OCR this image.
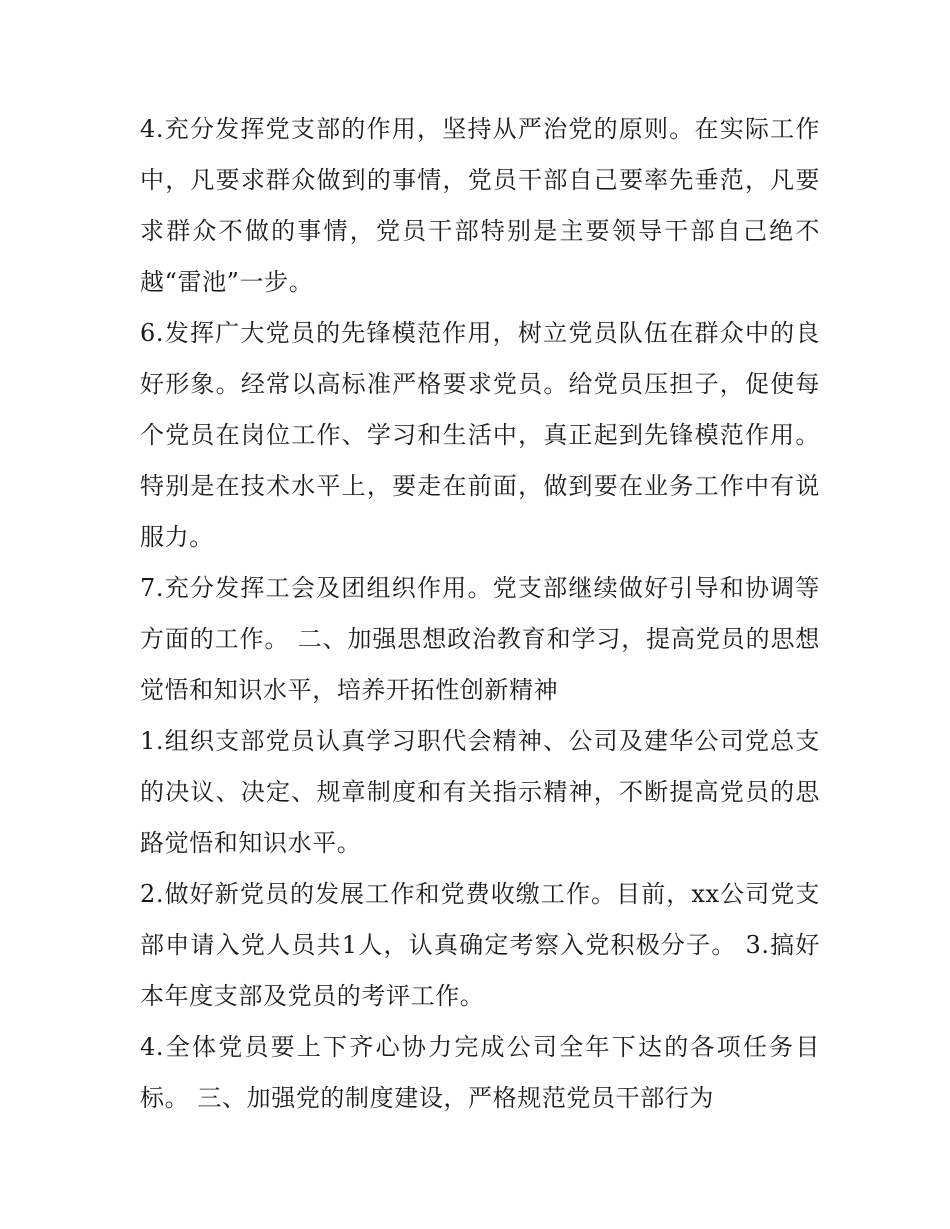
4.充分发挥党支部的作用，坚持从严治党的原则。在实际工作中，凡要求群众做到的事情，党员干部自己要率先垂范，凡要求群众不做的事情，党员干部特别是主要领导干部自己绝不越“雷池”一步。

6.发挥广大党员的先锋模范作用，树立党员队伍在群众中的良好形象。经常以高标准严格要求党员。给党员压担子，促使每个党员在岗位工作、学习和生活中，真正起到先锋模范作用。特别是在技术水平上，要走在前面，做到要在业务工作中有说服力。

7.充分发挥工会及团组织作用。党支部继续做好引导和协调等方面的工作。 二、加强思想政治教育和学习，提高党员的思想觉悟和知识水平，培养开拓性创新精神

1.组织支部党员认真学习职代会精神、公司及建华公司党总支的决议、决定、规章制度和有关指示精神，不断提高党员的思路觉悟和知识水平。

2.做好新党员的发展工作和党费收缴工作。目前，xx公司党支部申请入党人员共1人，认真确定考察入党积极分子。 3.搞好本年度支部及党员的考评工作。

4.全体党员要上下齐心协力完成公司全年下达的各项任务目标。 三、加强党的制度建设，严格规范党员干部行为
